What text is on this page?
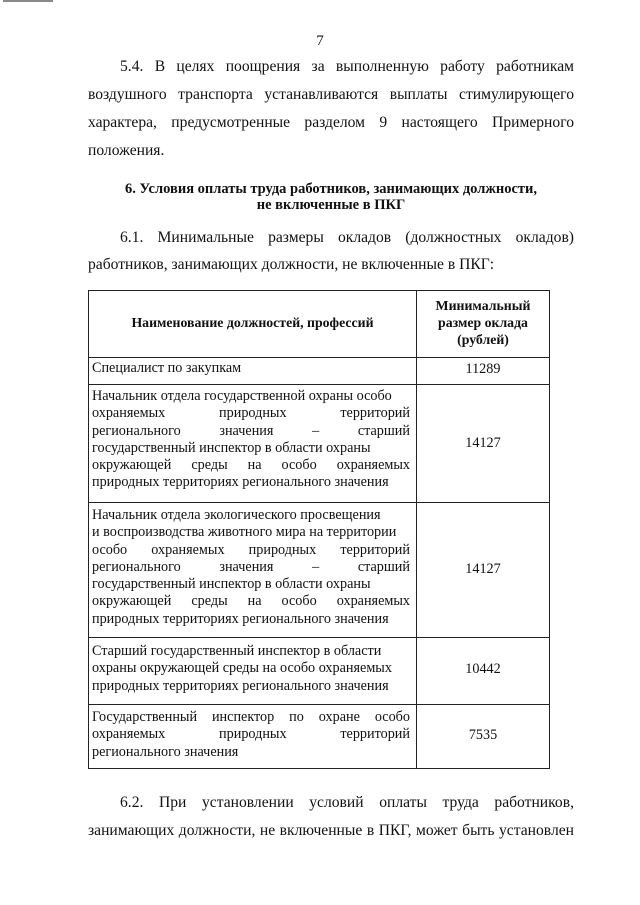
7
5.4. В целях поощрения за выполненную работу работникам
воздушного транспорта устанавливаются выплаты стимулирующего
характера, предусмотренные разделом 9 настоящего Примерного
положения.
6. Условия оплаты труда работников, занимающих должности,
не включенные в ПКГ
6.1. Минимальные размеры окладов (должностных окладов)
работников, занимающих должности, не включенные в ПКГ:
Наименование должностей, профессий
Минимальный
размер оклада
(рублей)
Специалист по закупкам	11289
Начальник отдела государственной охраны особо
охраняемых природных территорий
регионального значения – старший
государственный инспектор в области охраны
окружающей среды на особо охраняемых
природных территориях регионального значения
14127
Начальник отдела экологического просвещения
и воспроизводства животного мира на территории
особо охраняемых природных территорий
регионального значения – старший
государственный инспектор в области охраны
окружающей среды на особо охраняемых
природных территориях регионального значения
14127
Старший государственный инспектор в области
охраны окружающей среды на особо охраняемых
природных территориях регионального значения
10442
Государственный инспектор по охране особо
охраняемых природных территорий
регионального значения
7535
6.2. При установлении условий оплаты труда работников,
занимающих должности, не включенные в ПКГ, может быть установлен
